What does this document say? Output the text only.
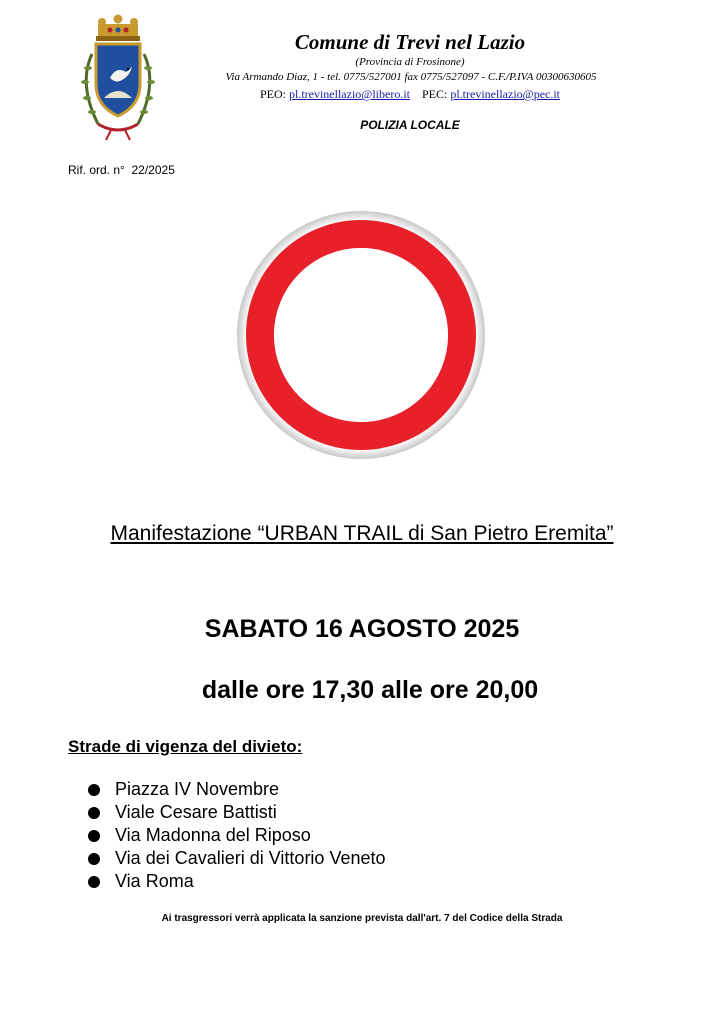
Comune di Trevi nel Lazio
(Provincia di Frosinone)
Via Armando Diaz, 1 - tel. 0775/527001 fax 0775/527097 - C.F./P.IVA 00300630605
PEO: pl.trevinellazio@libero.it PEC: pl.trevinellazio@pec.it
POLIZIA LOCALE
Rif. ord. n°  22/2025
Manifestazione “URBAN TRAIL di San Pietro Eremita”
SABATO 16 AGOSTO 2025
dalle ore 17,30 alle ore 20,00
Strade di vigenza del divieto:
Piazza IV Novembre
Viale Cesare Battisti
Via Madonna del Riposo
Via dei Cavalieri di Vittorio Veneto
Via Roma
Ai trasgressori verrà applicata la sanzione prevista dall'art. 7 del Codice della Strada
